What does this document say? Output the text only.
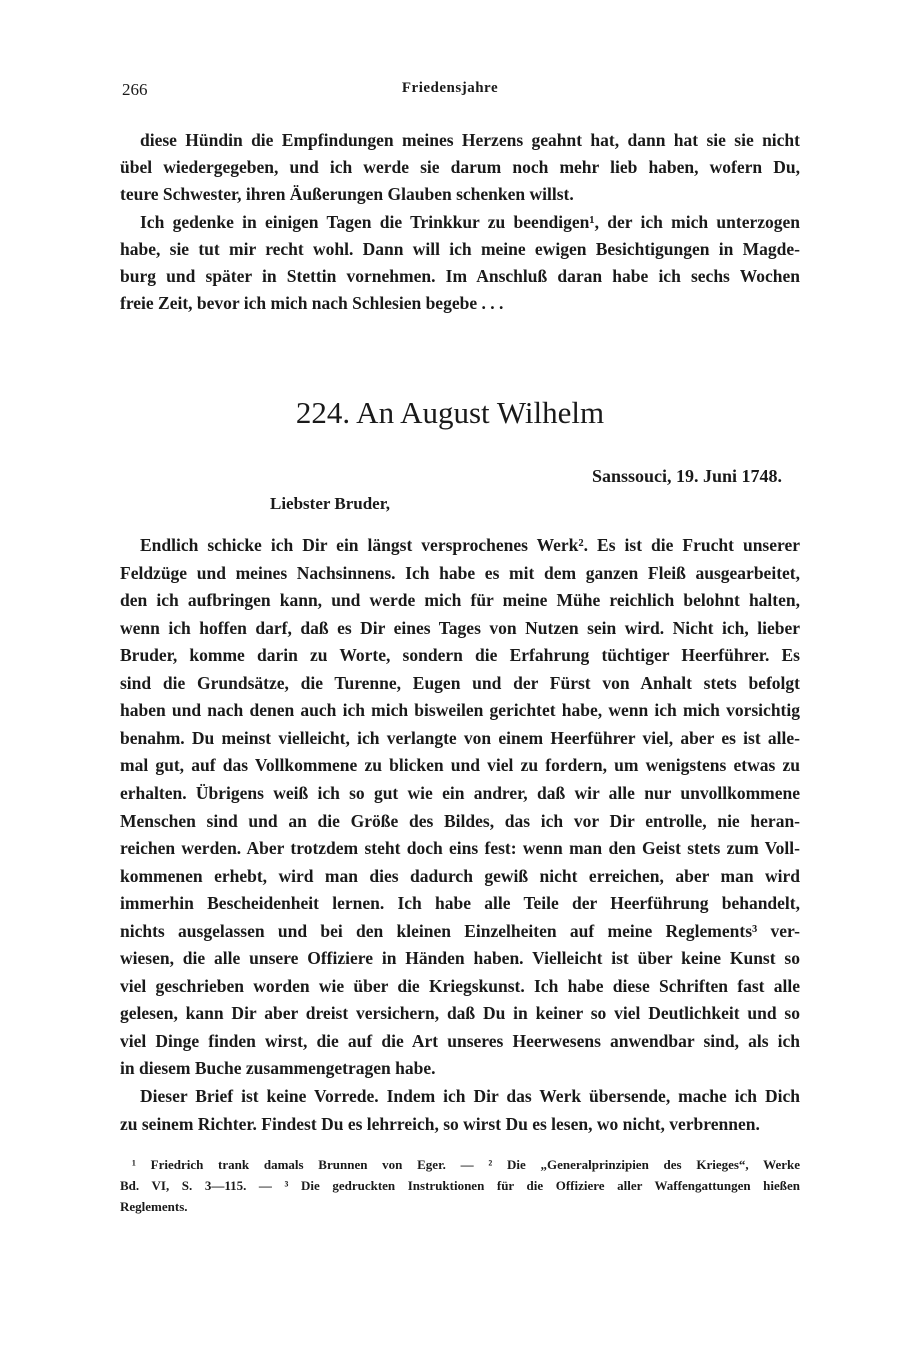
266	Friedensjahre
diese Hündin die Empfindungen meines Herzens geahnt hat, dann hat sie sie nicht
übel wiedergegeben, und ich werde sie darum noch mehr lieb haben, wofern Du,
teure Schwester, ihren Äußerungen Glauben schenken willst.
Ich gedenke in einigen Tagen die Trinkkur zu beendigen¹, der ich mich unterzogen
habe, sie tut mir recht wohl. Dann will ich meine ewigen Besichtigungen in Magde-
burg und später in Stettin vornehmen. Im Anschluß daran habe ich sechs Wochen
freie Zeit, bevor ich mich nach Schlesien begebe . . .
224. An August Wilhelm
Sanssouci, 19. Juni 1748.
Liebster Bruder,
Endlich schicke ich Dir ein längst versprochenes Werk². Es ist die Frucht unserer
Feldzüge und meines Nachsinnens. Ich habe es mit dem ganzen Fleiß ausgearbeitet,
den ich aufbringen kann, und werde mich für meine Mühe reichlich belohnt halten,
wenn ich hoffen darf, daß es Dir eines Tages von Nutzen sein wird. Nicht ich, lieber
Bruder, komme darin zu Worte, sondern die Erfahrung tüchtiger Heerführer. Es
sind die Grundsätze, die Turenne, Eugen und der Fürst von Anhalt stets befolgt
haben und nach denen auch ich mich bisweilen gerichtet habe, wenn ich mich vorsichtig
benahm. Du meinst vielleicht, ich verlangte von einem Heerführer viel, aber es ist alle-
mal gut, auf das Vollkommene zu blicken und viel zu fordern, um wenigstens etwas zu
erhalten. Übrigens weiß ich so gut wie ein andrer, daß wir alle nur unvollkommene
Menschen sind und an die Größe des Bildes, das ich vor Dir entrolle, nie heran-
reichen werden. Aber trotzdem steht doch eins fest: wenn man den Geist stets zum Voll-
kommenen erhebt, wird man dies dadurch gewiß nicht erreichen, aber man wird
immerhin Bescheidenheit lernen. Ich habe alle Teile der Heerführung behandelt,
nichts ausgelassen und bei den kleinen Einzelheiten auf meine Reglements³ ver-
wiesen, die alle unsere Offiziere in Händen haben. Vielleicht ist über keine Kunst so
viel geschrieben worden wie über die Kriegskunst. Ich habe diese Schriften fast alle
gelesen, kann Dir aber dreist versichern, daß Du in keiner so viel Deutlichkeit und so
viel Dinge finden wirst, die auf die Art unseres Heerwesens anwendbar sind, als ich
in diesem Buche zusammengetragen habe.
Dieser Brief ist keine Vorrede. Indem ich Dir das Werk übersende, mache ich Dich
zu seinem Richter. Findest Du es lehrreich, so wirst Du es lesen, wo nicht, verbrennen.
¹ Friedrich trank damals Brunnen von Eger. — ² Die „Generalprinzipien des Krieges“, Werke
Bd. VI, S. 3—115. — ³ Die gedruckten Instruktionen für die Offiziere aller Waffengattungen hießen
Reglements.
